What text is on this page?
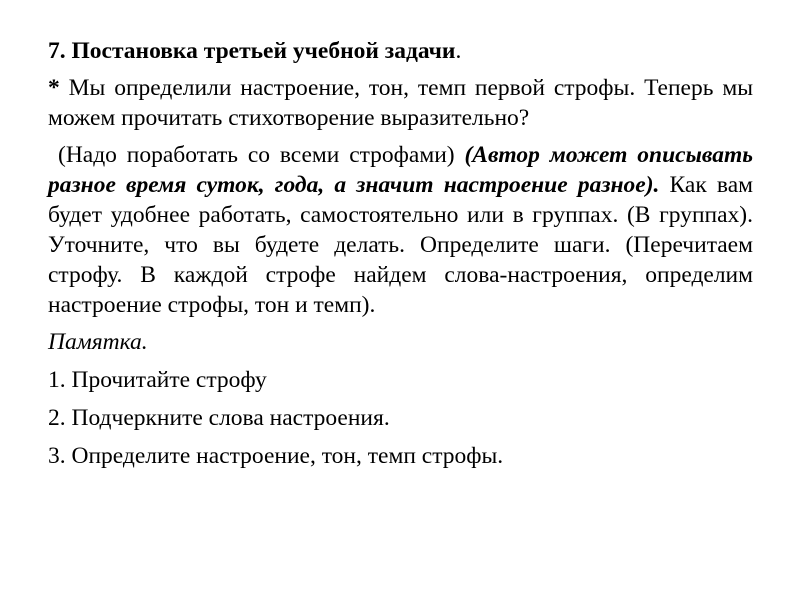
7. Постановка третьей учебной задачи.

* Мы определили настроение, тон, темп первой строфы. Теперь мы можем прочитать стихотворение выразительно?

(Надо поработать со всеми строфами) (Автор может описывать разное время суток, года, а значит настроение разное). Как вам будет удобнее работать, самостоятельно или в группах. (В группах). Уточните, что вы будете делать. Определите шаги. (Перечитаем строфу. В каждой строфе найдем слова-настроения, определим настроение строфы, тон и темп).

Памятка.

1. Прочитайте строфу

2. Подчеркните слова настроения.

3. Определите настроение, тон, темп строфы.
